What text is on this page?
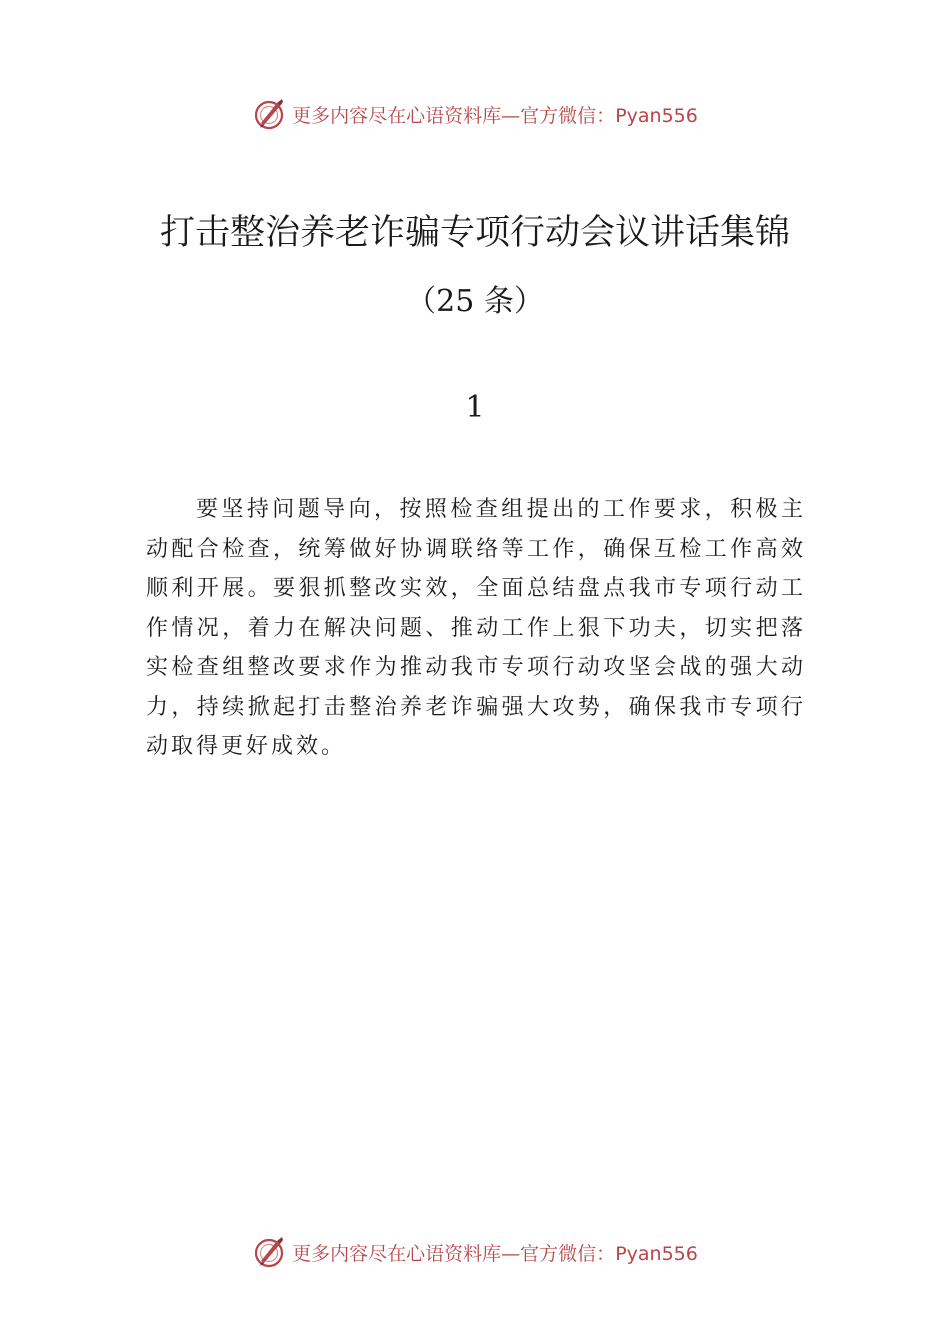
更多内容尽在心语资料库—官方微信：Pyan556
打击整治养老诈骗专项行动会议讲话集锦
（25 条）
1

要坚持问题导向，按照检查组提出的工作要求，积极主动配合检查，统筹做好协调联络等工作，确保互检工作高效顺利开展。要狠抓整改实效，全面总结盘点我市专项行动工作情况，着力在解决问题、推动工作上狠下功夫，切实把落实检查组整改要求作为推动我市专项行动攻坚会战的强大动力，持续掀起打击整治养老诈骗强大攻势，确保我市专项行动取得更好成效。

更多内容尽在心语资料库—官方微信：Pyan556
